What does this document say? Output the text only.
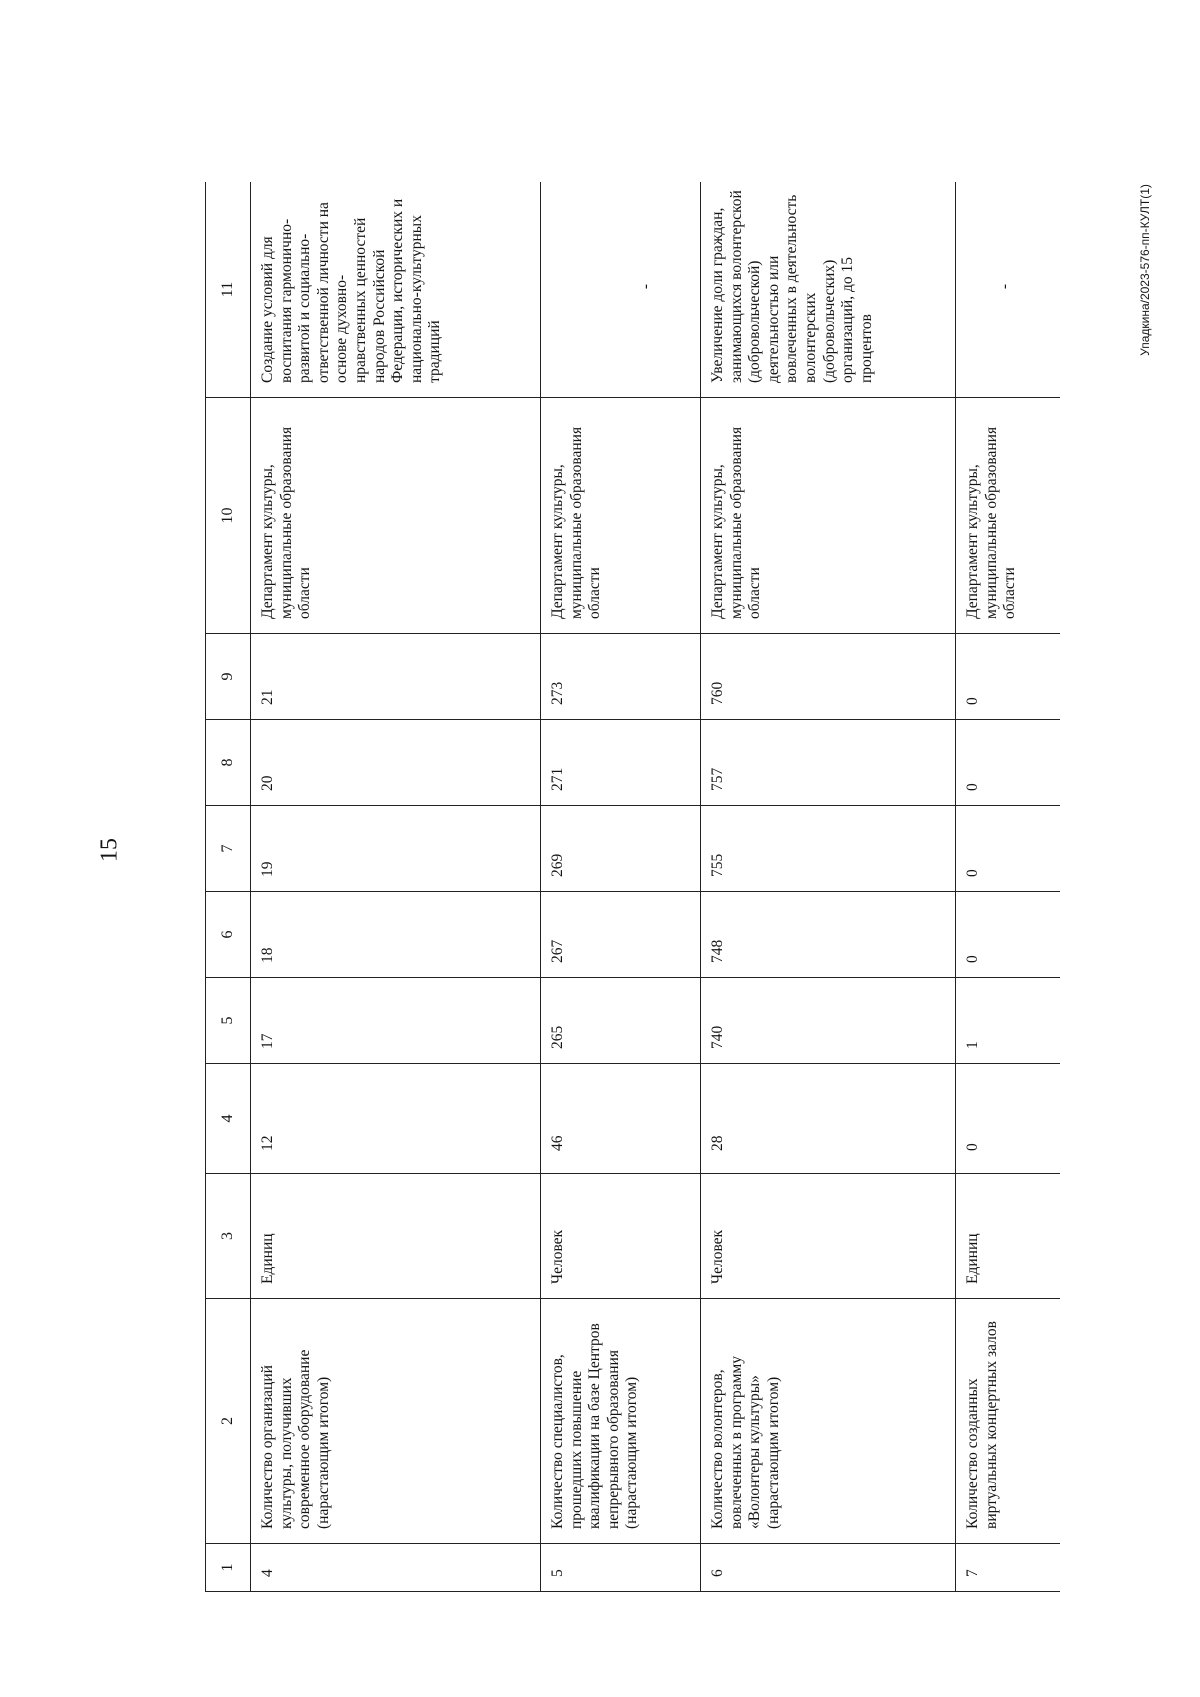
15
Упадкина/2023-576-пп-КУЛТ(1)
1	2	3	4	5	6	7	8	9	10	11
4	Количество организаций культуры, получивших современное оборудование (нарастающим итогом)	Единиц	12	17	18	19	20	21	Департамент культуры, муниципальные образования области	Создание условий для воспитания гармонично-развитой и социально-ответственной личности на основе духовно-нравственных ценностей народов Российской Федерации, исторических и национально-культурных традиций
5	Количество специалистов, прошедших повышение квалификации на базе Центров непрерывного образования (нарастающим итогом)	Человек	46	265	267	269	271	273	Департамент культуры, муниципальные образования области	-
6	Количество волонтеров, вовлеченных в программу «Волонтеры культуры» (нарастающим итогом)	Человек	28	740	748	755	757	760	Департамент культуры, муниципальные образования области	Увеличение доли граждан, занимающихся волонтерской (добровольческой) деятельностью или вовлеченных в деятельность волонтерских (добровольческих) организаций, до 15 процентов
7	Количество созданных виртуальных концертных залов	Единиц	0	1	0	0	0	0	Департамент культуры, муниципальные образования области	-
